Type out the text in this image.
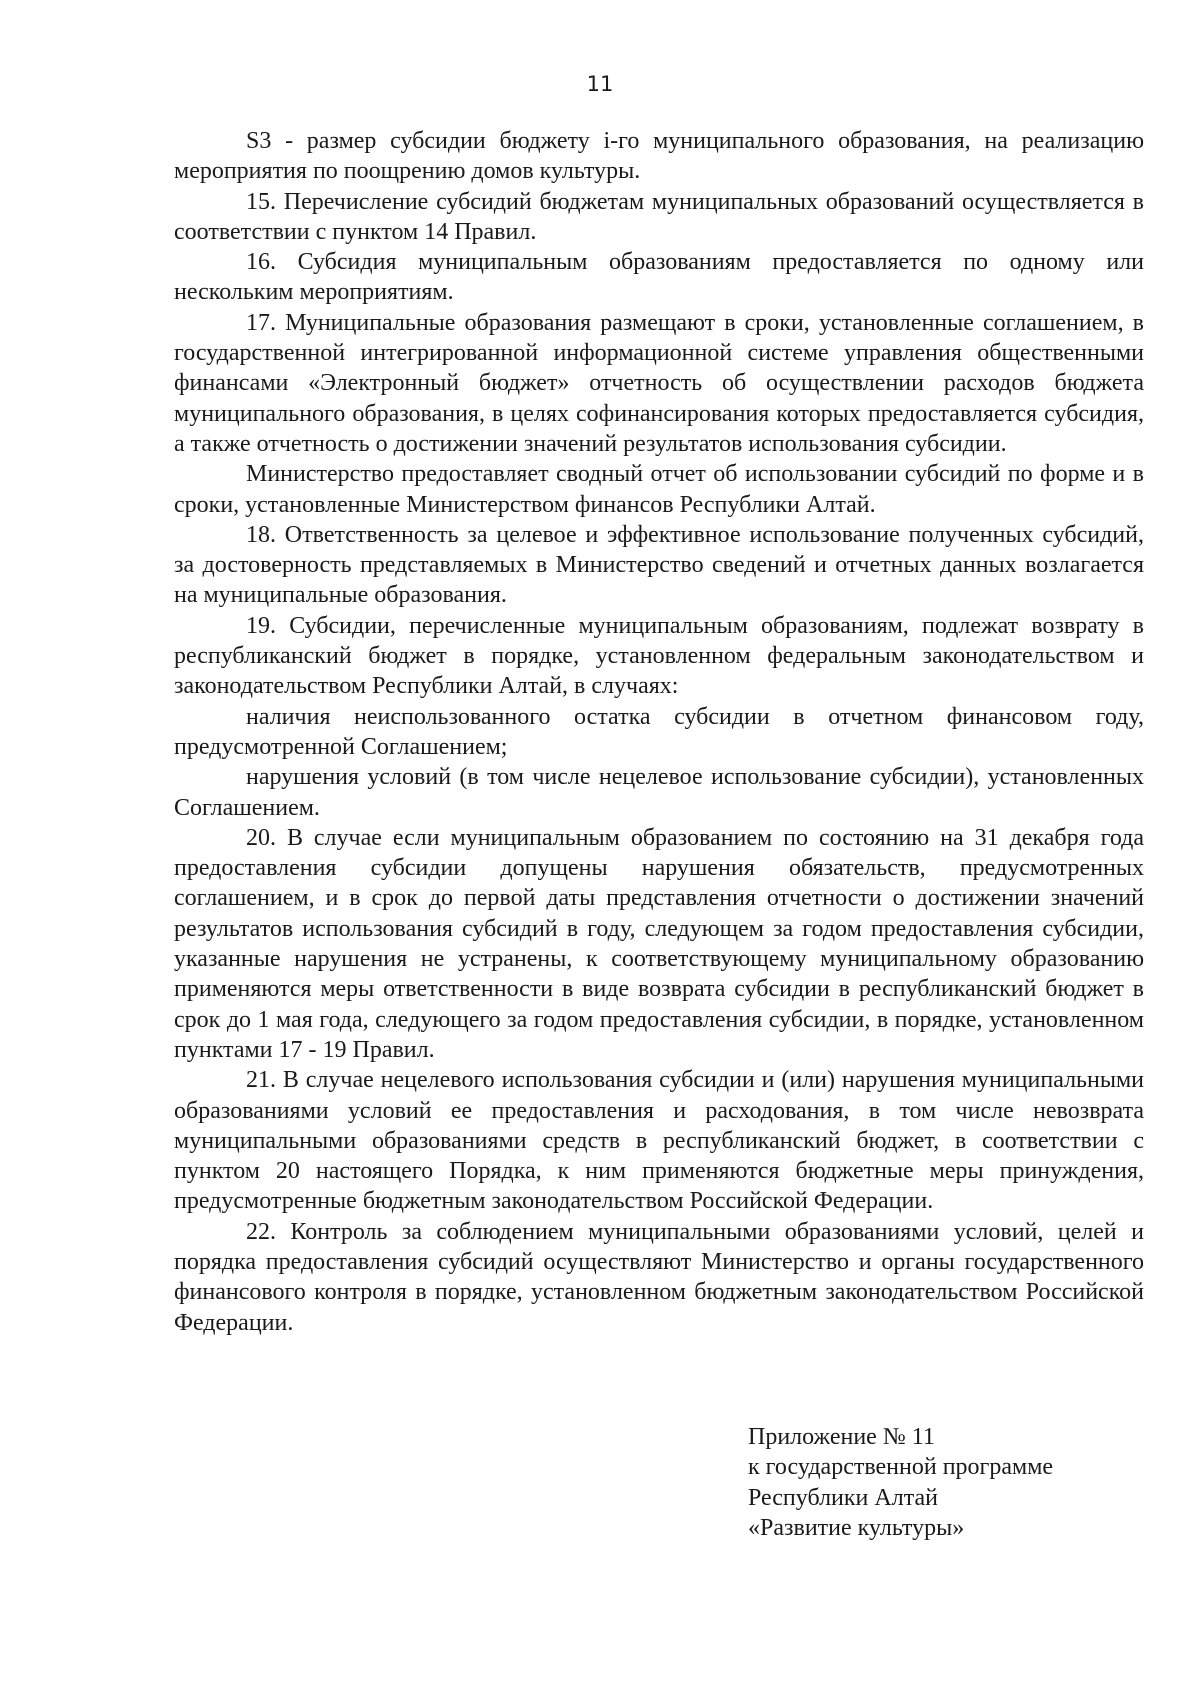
11

S3 - размер субсидии бюджету i-го муниципального образования, на реализацию мероприятия по поощрению домов культуры.

15. Перечисление субсидий бюджетам муниципальных образований осуществляется в соответствии с пунктом 14 Правил.

16. Субсидия муниципальным образованиям предоставляется по одному или нескольким мероприятиям.

17. Муниципальные образования размещают в сроки, установленные соглашением, в государственной интегрированной информационной системе управления общественными финансами «Электронный бюджет» отчетность об осуществлении расходов бюджета муниципального образования, в целях софинансирования которых предоставляется субсидия, а также отчетность о достижении значений результатов использования субсидии.

Министерство предоставляет сводный отчет об использовании субсидий по форме и в сроки, установленные Министерством финансов Республики Алтай.

18. Ответственность за целевое и эффективное использование полученных субсидий, за достоверность представляемых в Министерство сведений и отчетных данных возлагается на муниципальные образования.

19. Субсидии, перечисленные муниципальным образованиям, подлежат возврату в республиканский бюджет в порядке, установленном федеральным законодательством и законодательством Республики Алтай, в случаях:

наличия неиспользованного остатка субсидии в отчетном финансовом году, предусмотренной Соглашением;

нарушения условий (в том числе нецелевое использование субсидии), установленных Соглашением.

20. В случае если муниципальным образованием по состоянию на 31 декабря года предоставления субсидии допущены нарушения обязательств, предусмотренных соглашением, и в срок до первой даты представления отчетности о достижении значений результатов использования субсидий в году, следующем за годом предоставления субсидии, указанные нарушения не устранены, к соответствующему муниципальному образованию применяются меры ответственности в виде возврата субсидии в республиканский бюджет в срок до 1 мая года, следующего за годом предоставления субсидии, в порядке, установленном пунктами 17 - 19 Правил.

21. В случае нецелевого использования субсидии и (или) нарушения муниципальными образованиями условий ее предоставления и расходования, в том числе невозврата муниципальными образованиями средств в республиканский бюджет, в соответствии с пунктом 20 настоящего Порядка, к ним применяются бюджетные меры принуждения, предусмотренные бюджетным законодательством Российской Федерации.

22. Контроль за соблюдением муниципальными образованиями условий, целей и порядка предоставления субсидий осуществляют Министерство и органы государственного финансового контроля в порядке, установленном бюджетным законодательством Российской Федерации.

Приложение № 11
к государственной программе
Республики Алтай
«Развитие культуры»
